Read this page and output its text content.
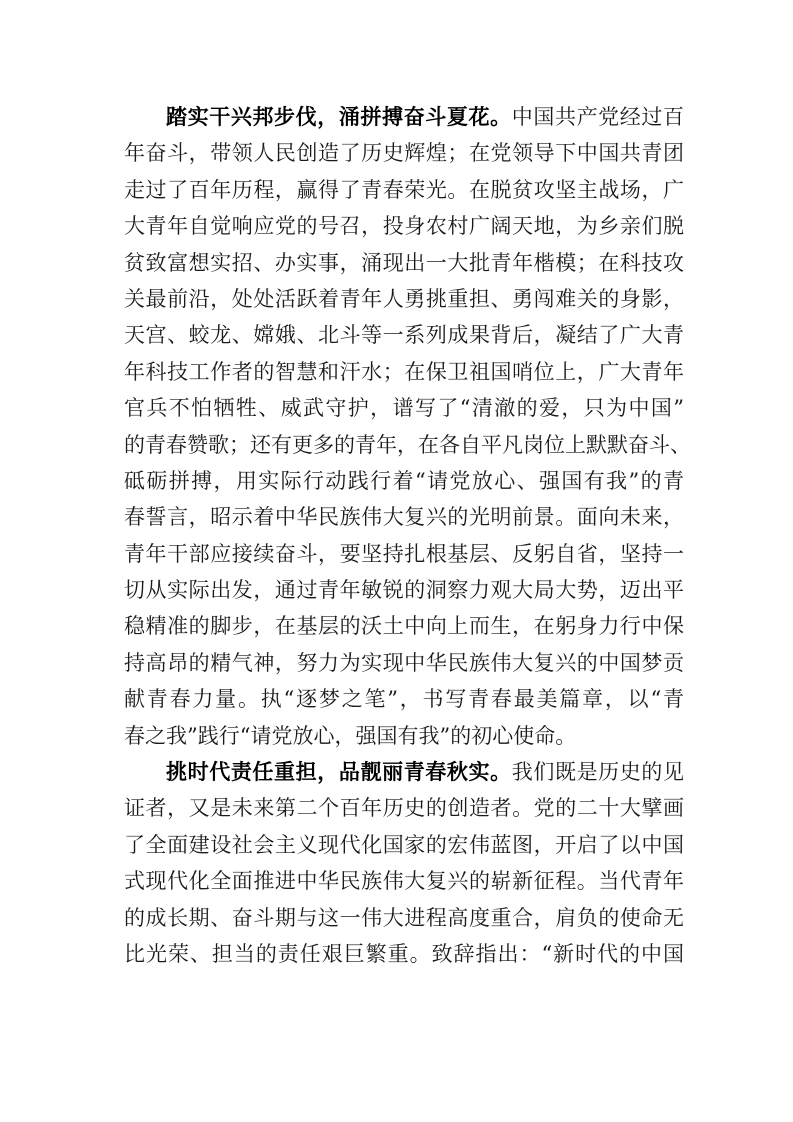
踏实干兴邦步伐，涌拼搏奋斗夏花。中国共产党经过百
年奋斗，带领人民创造了历史辉煌；在党领导下中国共青团
走过了百年历程，赢得了青春荣光。在脱贫攻坚主战场，广
大青年自觉响应党的号召，投身农村广阔天地，为乡亲们脱
贫致富想实招、办实事，涌现出一大批青年楷模；在科技攻
关最前沿，处处活跃着青年人勇挑重担、勇闯难关的身影，
天宫、蛟龙、嫦娥、北斗等一系列成果背后，凝结了广大青
年科技工作者的智慧和汗水；在保卫祖国哨位上，广大青年
官兵不怕牺牲、威武守护，谱写了“清澈的爱，只为中国”
的青春赞歌；还有更多的青年，在各自平凡岗位上默默奋斗、
砥砺拼搏，用实际行动践行着“请党放心、强国有我”的青
春誓言，昭示着中华民族伟大复兴的光明前景。面向未来，
青年干部应接续奋斗，要坚持扎根基层、反躬自省，坚持一
切从实际出发，通过青年敏锐的洞察力观大局大势，迈出平
稳精准的脚步，在基层的沃土中向上而生，在躬身力行中保
持高昂的精气神，努力为实现中华民族伟大复兴的中国梦贡
献青春力量。执“逐梦之笔”，书写青春最美篇章，以“青
春之我”践行“请党放心，强国有我”的初心使命。
挑时代责任重担，品靓丽青春秋实。我们既是历史的见
证者，又是未来第二个百年历史的创造者。党的二十大擘画
了全面建设社会主义现代化国家的宏伟蓝图，开启了以中国
式现代化全面推进中华民族伟大复兴的崭新征程。当代青年
的成长期、奋斗期与这一伟大进程高度重合，肩负的使命无
比光荣、担当的责任艰巨繁重。致辞指出：“新时代的中国
